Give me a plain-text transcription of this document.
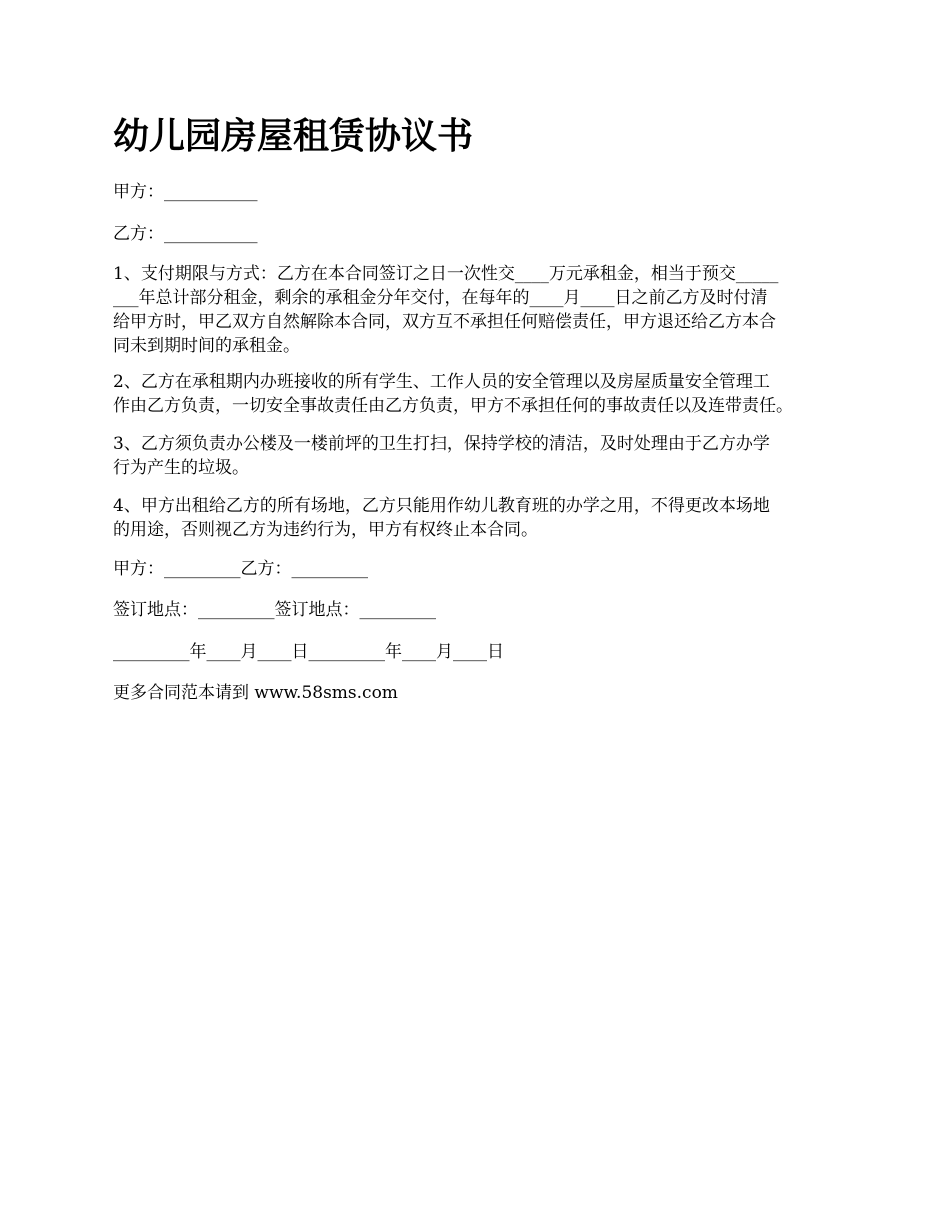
幼儿园房屋租赁协议书
甲方：___________
乙方：___________
1、支付期限与方式：乙方在本合同签订之日一次性交____万元承租金，相当于预交_____
___年总计部分租金，剩余的承租金分年交付，在每年的____月____日之前乙方及时付清
给甲方时，甲乙双方自然解除本合同，双方互不承担任何赔偿责任，甲方退还给乙方本合
同未到期时间的承租金。
2、乙方在承租期内办班接收的所有学生、工作人员的安全管理以及房屋质量安全管理工
作由乙方负责，一切安全事故责任由乙方负责，甲方不承担任何的事故责任以及连带责任。
3、乙方须负责办公楼及一楼前坪的卫生打扫，保持学校的清洁，及时处理由于乙方办学
行为产生的垃圾。
4、甲方出租给乙方的所有场地，乙方只能用作幼儿教育班的办学之用，不得更改本场地
的用途，否则视乙方为违约行为，甲方有权终止本合同。
甲方：_________乙方：_________
签订地点：_________签订地点：_________
_________年____月____日_________年____月____日
更多合同范本请到 www.58sms.com
